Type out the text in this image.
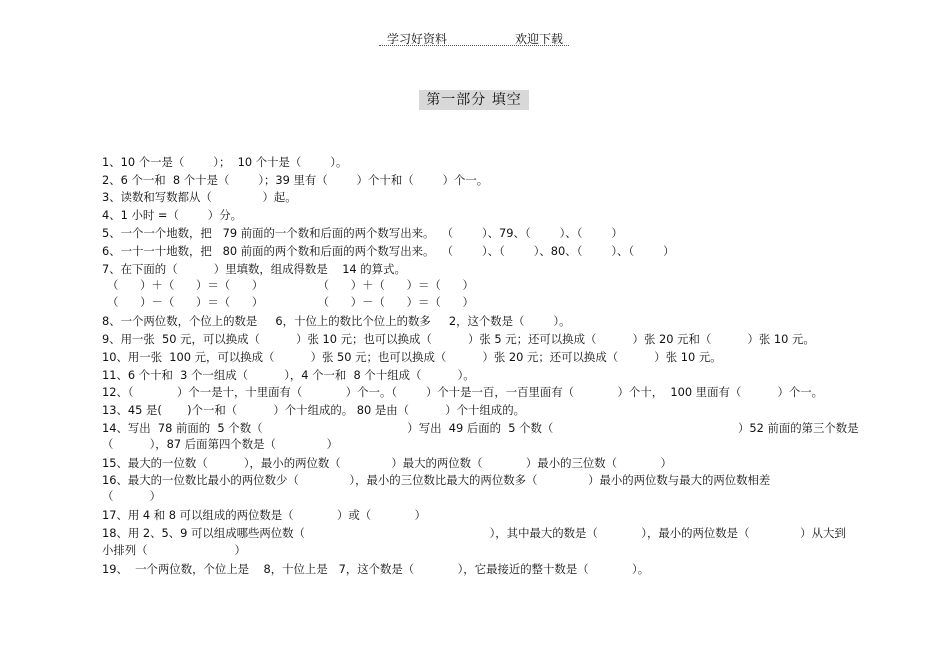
学习好资料	欢迎下载
第一部分 填空
1、10 个一是（        ）；  10 个十是（        ）。
2、6 个一和  8 个十是（        ）；39 里有（        ）个十和（        ）个一。
3、读数和写数都从（              ）起。
4、1 小时 =（        ）分。
5、一个一个地数，把   79 前面的一个数和后面的两个数写出来。  （        ）、79、（        ）、（        ）
6、一十一十地数，把   80 前面的两个数和后面的两个数写出来。  （        ）、（        ）、80、（        ）、（        ）
7、在下面的（          ）里填数，组成得数是    14 的算式。
（      ）＋（      ）＝（      ）               （      ）＋（      ）＝（      ）
（      ）－（      ）＝（      ）               （      ）－（      ）＝（      ）
8、一个两位数，个位上的数是     6，十位上的数比个位上的数多     2，这个数是（        ）。
9、用一张  50 元，可以换成（          ）张 10 元；也可以换成（          ）张 5 元；还可以换成（          ）张 20 元和（          ）张 10 元。
10、用一张  100 元，可以换成（          ）张 50 元；也可以换成（          ）张 20 元；还可以换成（          ）张 10 元。
11、6 个十和  3 个一组成（          ），4 个一和  8 个十组成（          ）。
12、（            ）个一是十，十里面有（            ）个一。（        ）个十是一百，一百里面有（            ）个十，  100 里面有（          ）个一。
13、45 是(       )个一和（          ）个十组成的。 80 是由（          ）个十组成的。
14、写出  78 前面的  5 个数（                                        ）写出  49 后面的  5 个数（                                                   ）52 前面的第三个数是
（          ），87 后面第四个数是（              ）
15、最大的一位数（          ），最小的两位数（              ）最大的两位数（            ）最小的三位数（            ）
16、最大的一位数比最小的两位数少（              ），最小的三位数比最大的两位数多（              ）最小的两位数与最大的两位数相差
（          ）
17、用 4 和 8 可以组成的两位数是（            ）或（            ）
18、用 2、5、9 可以组成哪些两位数（                                                   ），其中最大的数是（            ），最小的两位数是（              ）从大到
小排列（                        ）
19、  一个两位数，个位上是    8，十位上是   7，这个数是（            ），它最接近的整十数是（            ）。
